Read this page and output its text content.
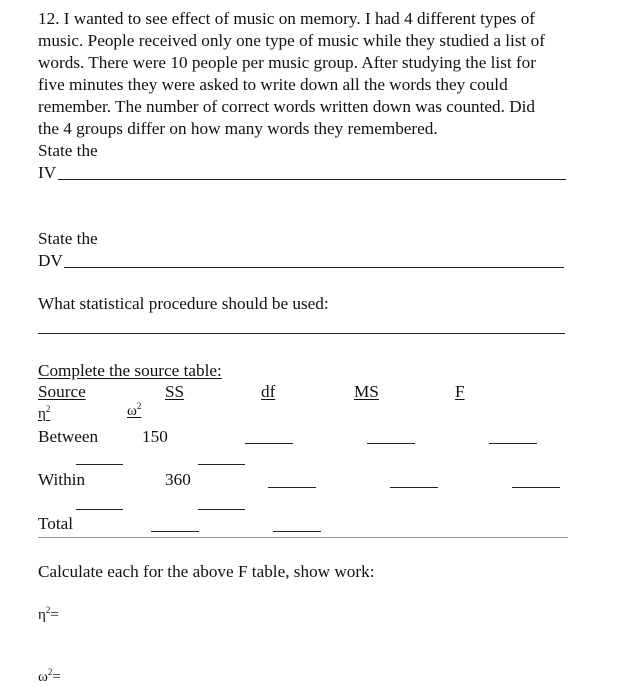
12. I wanted to see effect of music on memory. I had 4 different types of
music. People received only one type of music while they studied a list of
words. There were 10 people per music group. After studying the list for
five minutes they were asked to write down all the words they could
remember. The number of correct words written down was counted. Did
the 4 groups differ on how many words they remembered.
State the
IV
State the
DV
What statistical procedure should be used:
Complete the source table:
Source	SS	df	MS	F
$\eta^2$	$\omega^2$
Between	150
Within	360
Total
Calculate each for the above F table, show work:
$\eta^2=$
$\omega^2=$
